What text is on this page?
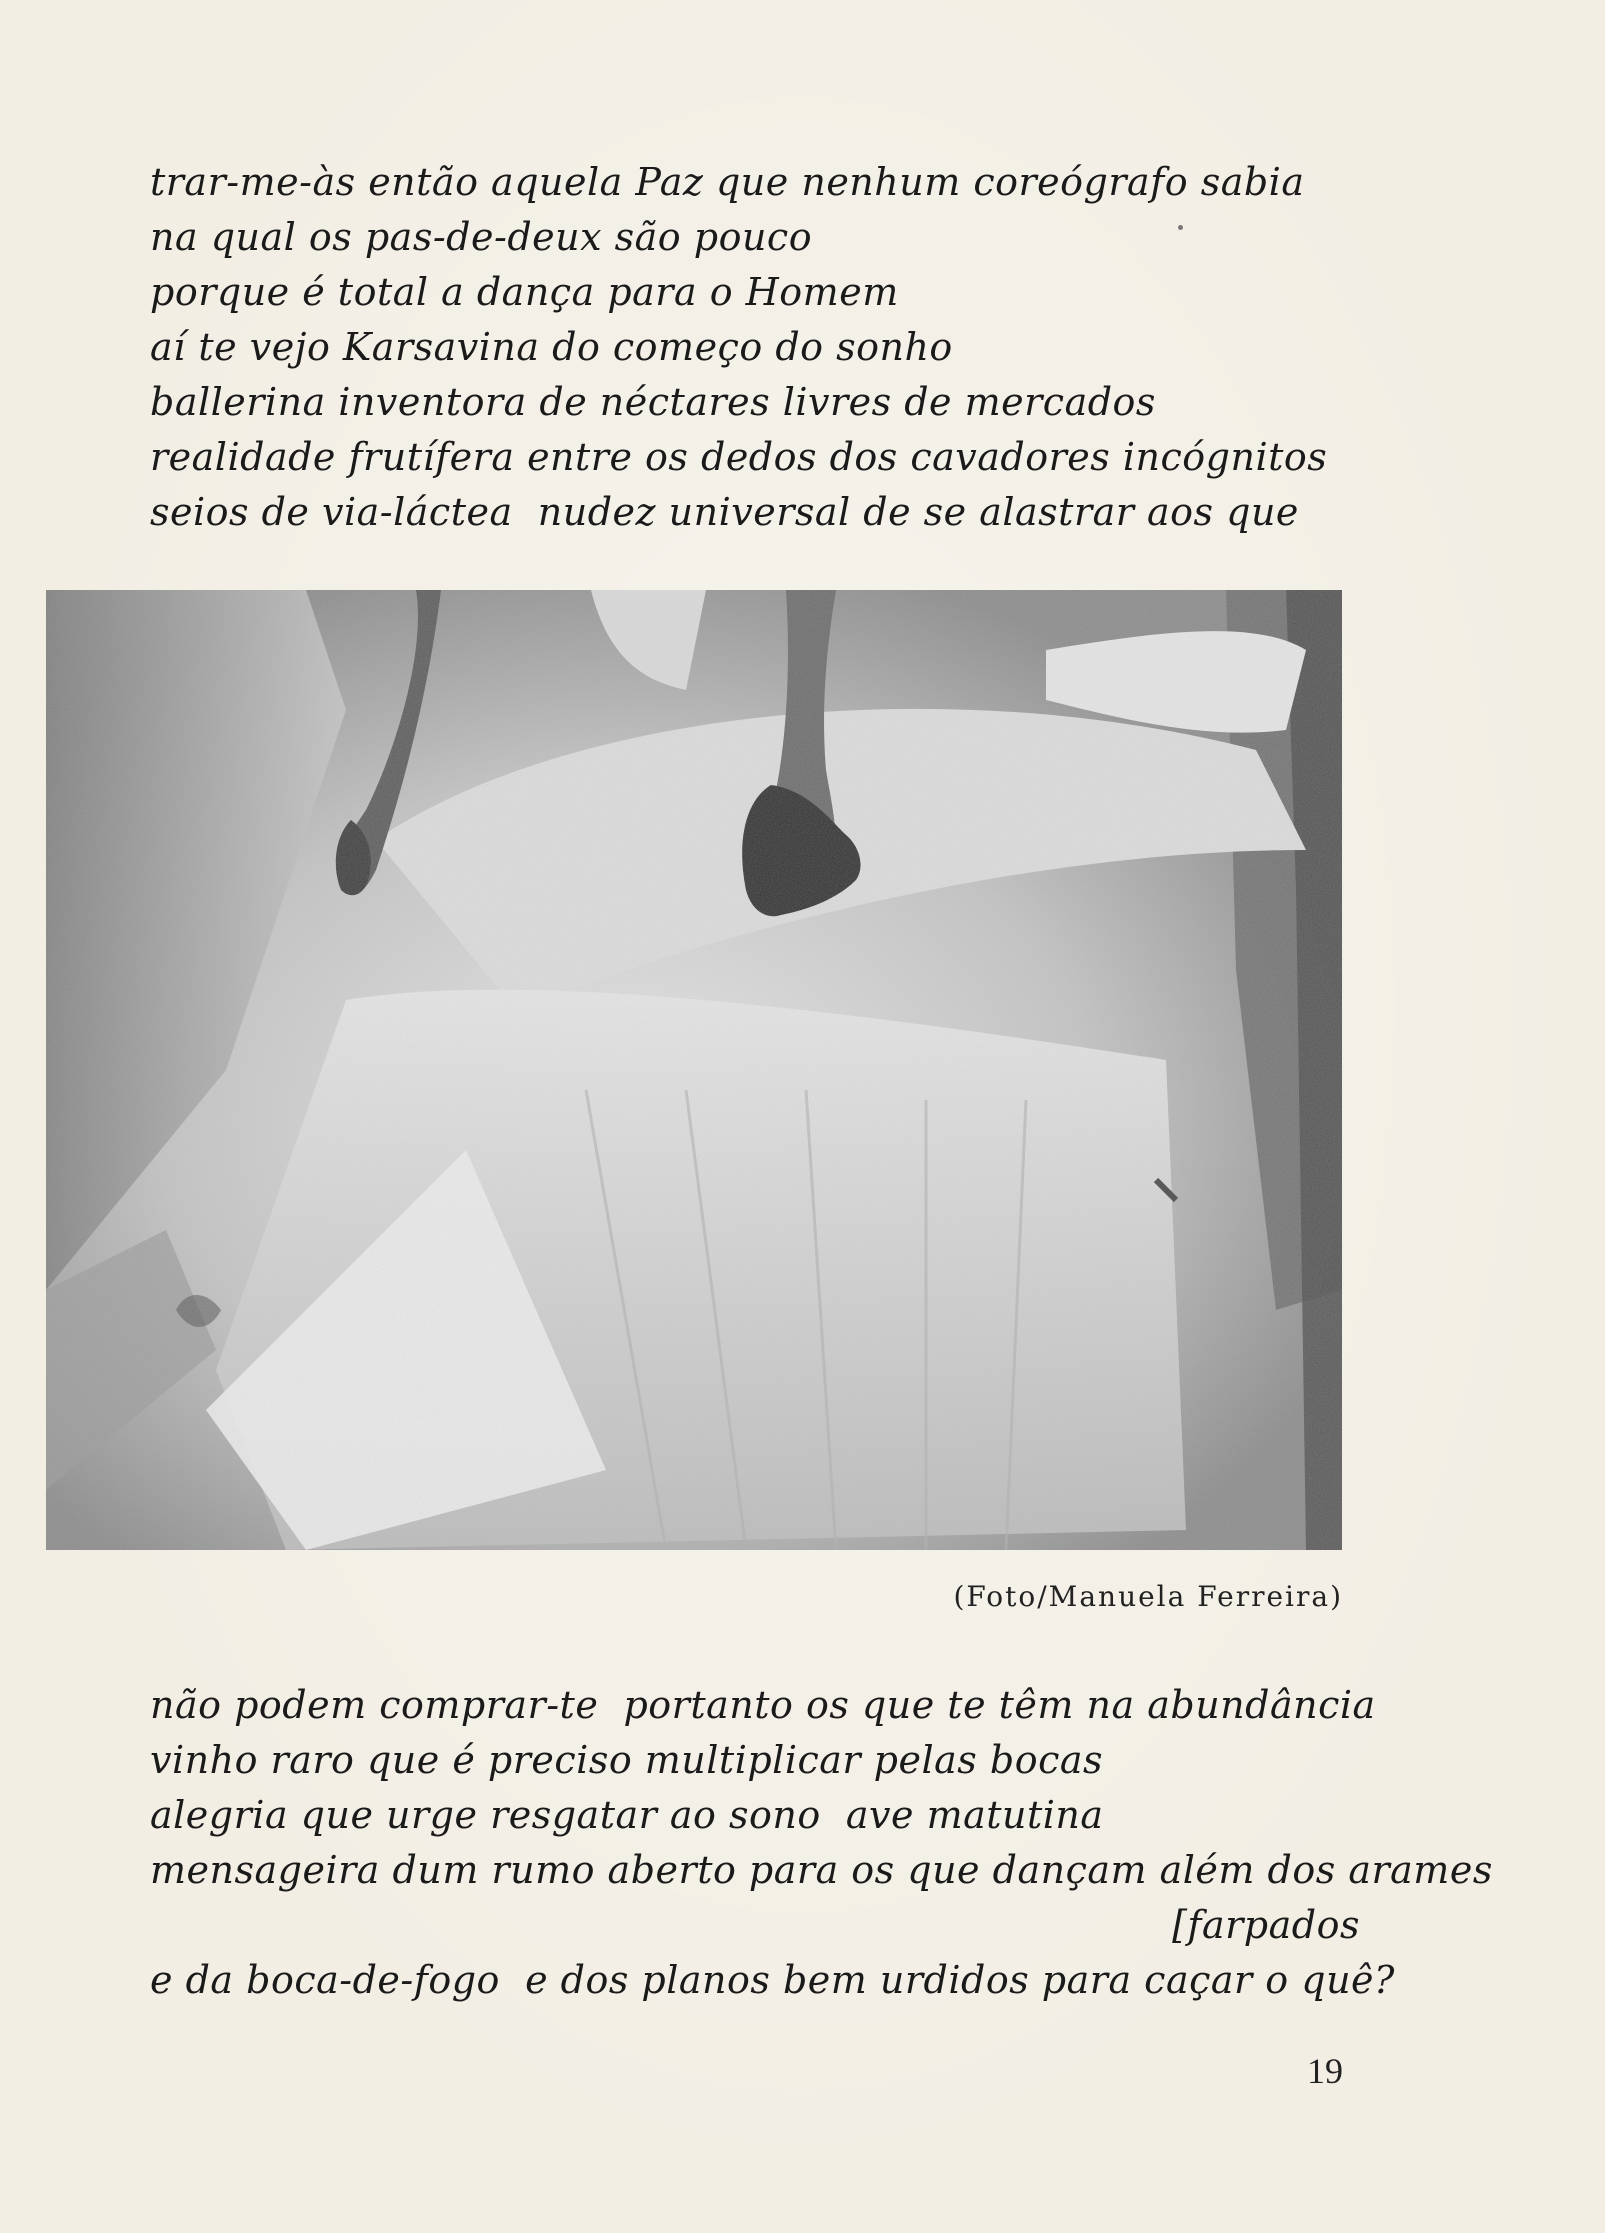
trar-me-às então aquela Paz que nenhum coreógrafo sabia
na qual os pas-de-deux são pouco
porque é total a dança para o Homem
aí te vejo Karsavina do começo do sonho
ballerina inventora de néctares livres de mercados
realidade frutífera entre os dedos dos cavadores incógnitos
seios de via-láctea  nudez universal de se alastrar aos que
(Foto/Manuela Ferreira)
não podem comprar-te  portanto os que te têm na abundância
vinho raro que é preciso multiplicar pelas bocas
alegria que urge resgatar ao sono  ave matutina
mensageira dum rumo aberto para os que dançam além dos arames
[farpados
e da boca-de-fogo  e dos planos bem urdidos para caçar o quê?
19
